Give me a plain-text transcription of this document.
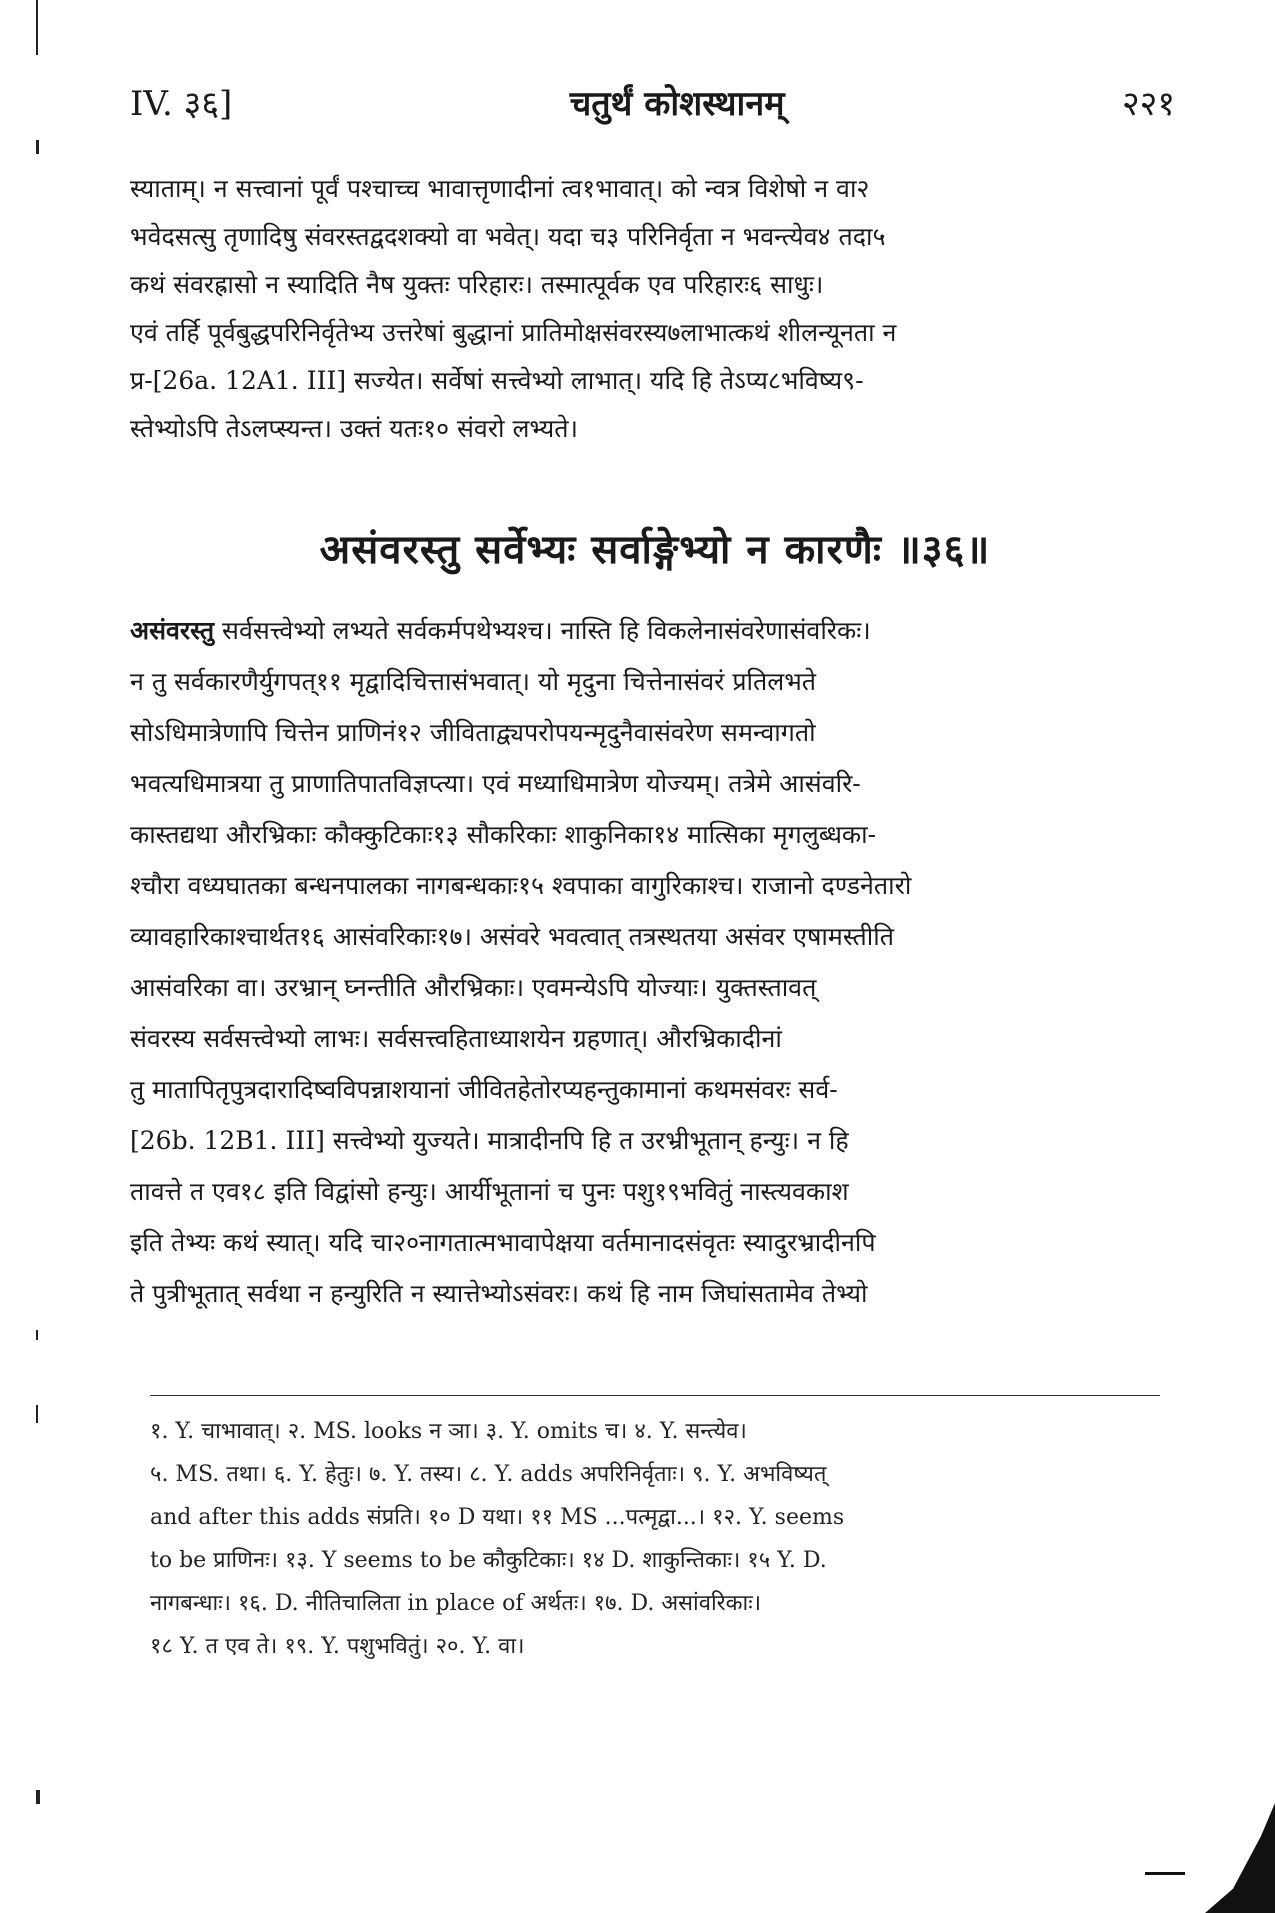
IV. ३६]	चतुर्थं कोशस्थानम्	२२१

स्याताम्। न सत्त्वानां पूर्वं पश्चाच्च भावात्तृणादीनां त्व१भावात्। को न्वत्र विशेषो न वा२

भवेदसत्सु तृणादिषु संवरस्तद्वदशक्यो वा भवेत्। यदा च३ परिनिर्वृता न भवन्त्येव४ तदा५

कथं संवरह्रासो न स्यादिति नैष युक्तः परिहारः। तस्मात्पूर्वक एव परिहारः६ साधुः।

एवं तर्हि पूर्वबुद्धपरिनिर्वृतेभ्य उत्तरेषां बुद्धानां प्रातिमोक्षसंवरस्य७लाभात्कथं शीलन्यूनता न

प्र-[26a. 12A1. III] सज्येत। सर्वेषां सत्त्वेभ्यो लाभात्। यदि हि तेऽप्य८भविष्य९-

स्तेभ्योऽपि तेऽलप्स्यन्त। उक्तं यतः१० संवरो लभ्यते।

असंवरस्तु सर्वेभ्यः सर्वाङ्गेभ्यो न कारणैः ॥३६॥

असंवरस्तु सर्वसत्त्वेभ्यो लभ्यते सर्वकर्मपथेभ्यश्च। नास्ति हि विकलेनासंवरेणासंवरिकः।

न तु सर्वकारणैर्युगपत्११ मृद्वादिचित्तासंभवात्। यो मृदुना चित्तेनासंवरं प्रतिलभते

सोऽधिमात्रेणापि चित्तेन प्राणिनं१२ जीविताद्व्यपरोपयन्मृदुनैवासंवरेण समन्वागतो

भवत्यधिमात्रया तु प्राणातिपातविज्ञप्त्या। एवं मध्याधिमात्रेण योज्यम्। तत्रेमे आसंवरि-

कास्तद्यथा औरभ्रिकाः कौक्कुटिकाः१३ सौकरिकाः शाकुनिका१४ मात्सिका मृगलुब्धका-

श्चौरा वध्यघातका बन्धनपालका नागबन्धकाः१५ श्वपाका वागुरिकाश्च। राजानो दण्डनेतारो

व्यावहारिकाश्चार्थत१६ आसंवरिकाः१७। असंवरे भवत्वात् तत्रस्थतया असंवर एषामस्तीति

आसंवरिका वा। उरभ्रान् घ्नन्तीति औरभ्रिकाः। एवमन्येऽपि योज्याः। युक्तस्तावत्

संवरस्य सर्वसत्त्वेभ्यो लाभः। सर्वसत्त्वहिताध्याशयेन ग्रहणात्। औरभ्रिकादीनां

तु मातापितृपुत्रदारादिष्वविपन्नाशयानां जीवितहेतोरप्यहन्तुकामानां कथमसंवरः सर्व-

[26b. 12B1. III] सत्त्वेभ्यो युज्यते। मात्रादीनपि हि त उरभ्रीभूतान् हन्युः। न हि

तावत्ते त एव१८ इति विद्वांसो हन्युः। आर्यीभूतानां च पुनः पशु१९भवितुं नास्त्यवकाश

इति तेभ्यः कथं स्यात्। यदि चा२०नागतात्मभावापेक्षया वर्तमानादसंवृतः स्यादुरभ्रादीनपि

ते पुत्रीभूतात् सर्वथा न हन्युरिति न स्यात्तेभ्योऽसंवरः। कथं हि नाम जिघांसतामेव तेभ्यो

१. Y. चाभावात्। २. MS. looks न ञा। ३. Y. omits च। ४. Y. सन्त्येव।

५. MS. तथा। ६. Y. हेतुः। ७. Y. तस्य। ८. Y. adds अपरिनिर्वृताः। ९. Y. अभविष्यत्

and after this adds संप्रति। १० D यथा। ११ MS ...पत्मृद्वा...। १२. Y. seems

to be प्राणिनः। १३. Y seems to be कौकुटिकाः। १४ D. शाकुन्तिकाः। १५ Y. D.

नागबन्धाः। १६. D. नीतिचालिता in place of अर्थतः। १७. D. असांवरिकाः।

१८ Y. त एव ते। १९. Y. पशुभवितुं। २०. Y. वा।
